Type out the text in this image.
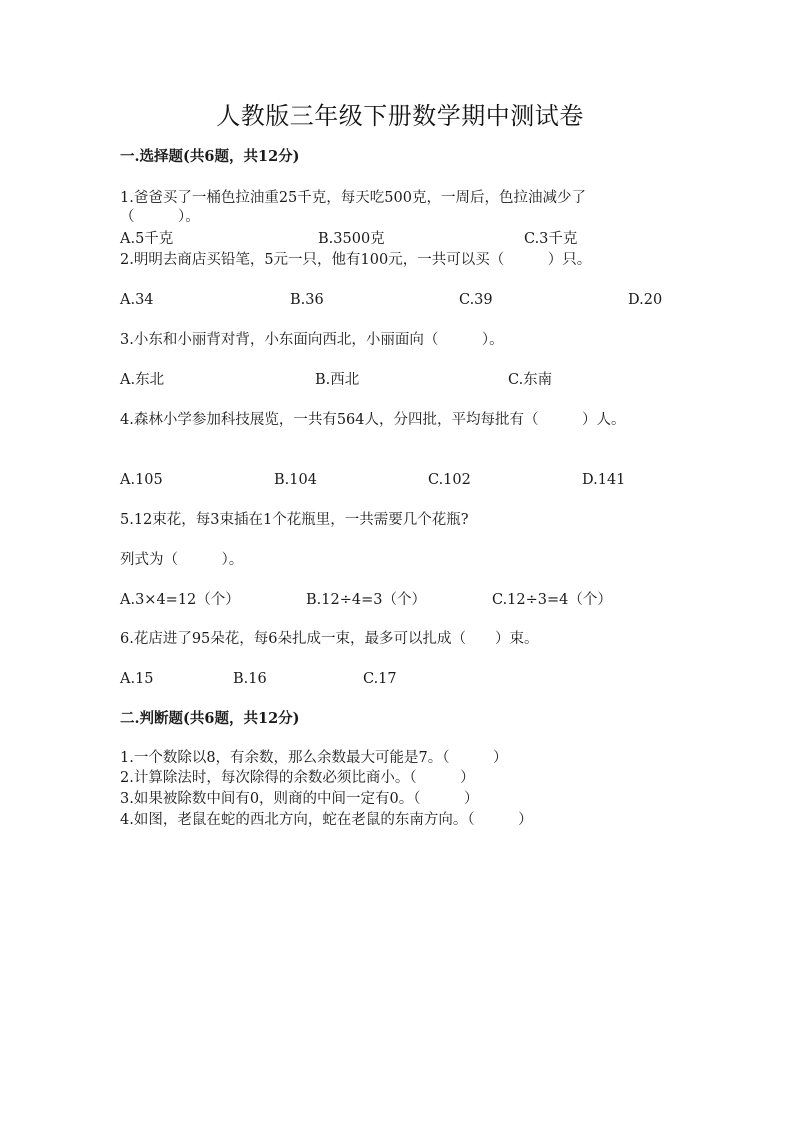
人教版三年级下册数学期中测试卷
一.选择题(共6题，共12分)
1.爸爸买了一桶色拉油重25千克，每天吃500克，一周后，色拉油减少了
（　　　）。
A.5千克	B.3500克	C.3千克
2.明明去商店买铅笔，5元一只，他有100元，一共可以买（　　　）只。
A.34	B.36	C.39	D.20
3.小东和小丽背对背，小东面向西北，小丽面向（　　　）。
A.东北	B.西北	C.东南
4.森林小学参加科技展览，一共有564人，分四批，平均每批有（　　　）人。
A.105	B.104	C.102	D.141
5.12束花，每3束插在1个花瓶里，一共需要几个花瓶?
列式为（　　　）。
A.3×4=12（个）	B.12÷4=3（个）	C.12÷3=4（个）
6.花店进了95朵花，每6朵扎成一束，最多可以扎成（　　）束。
A.15	B.16	C.17
二.判断题(共6题，共12分)
1.一个数除以8，有余数，那么余数最大可能是7。（　　　）
2.计算除法时，每次除得的余数必须比商小。（　　　）
3.如果被除数中间有0，则商的中间一定有0。（　　　）
4.如图，老鼠在蛇的西北方向，蛇在老鼠的东南方向。（　　　）
